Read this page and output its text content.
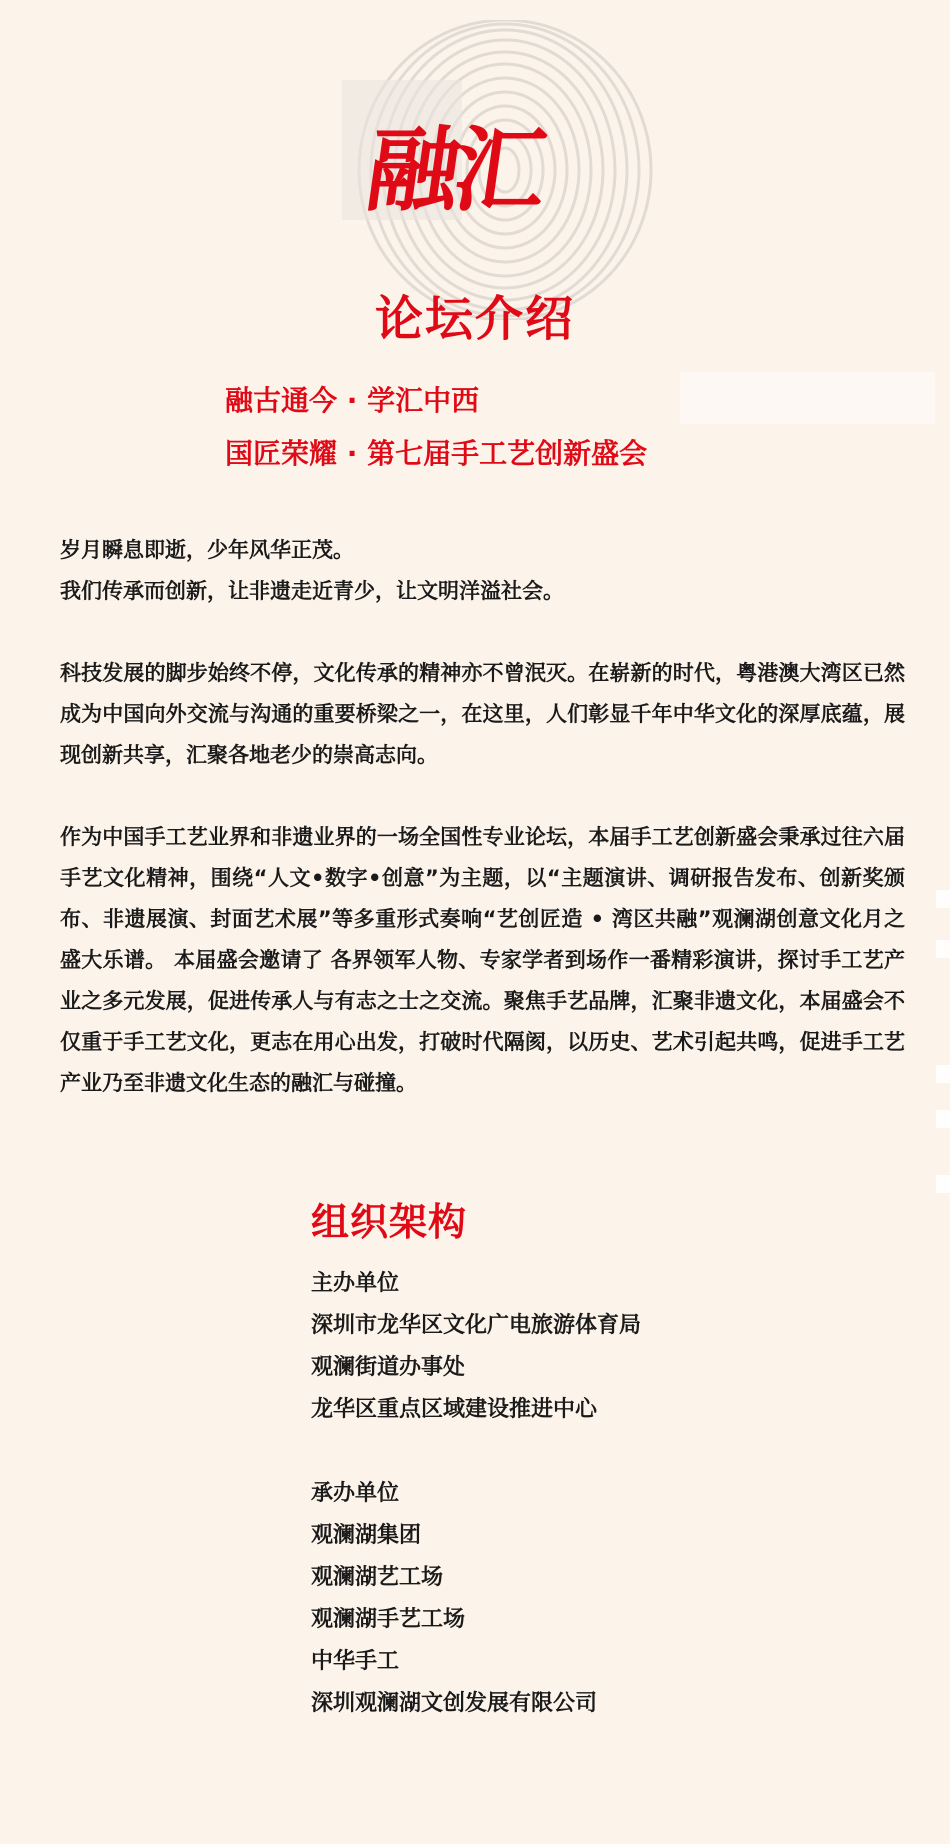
融汇
论坛介绍
融古通今 · 学汇中西
国匠荣耀 · 第七届手工艺创新盛会

岁月瞬息即逝，少年风华正茂。

我们传承而创新，让非遗走近青少，让文明洋溢社会。

科技发展的脚步始终不停，文化传承的精神亦不曾泯灭。在崭新的时代，粤港澳大湾区已然成为中国向外交流与沟通的重要桥梁之一，在这里，人们彰显千年中华文化的深厚底蕴，展现创新共享，汇聚各地老少的崇高志向。

作为中国手工艺业界和非遗业界的一场全国性专业论坛，本届手工艺创新盛会秉承过往六届手艺文化精神，围绕“人文•数字•创意”为主题，以“主题演讲、调研报告发布、创新奖颁布、非遗展演、封面艺术展”等多重形式奏响“艺创匠造 • 湾区共融”观澜湖创意文化月之盛大乐谱。 本届盛会邀请了 各界领军人物、专家学者到场作一番精彩演讲，探讨手工艺产业之多元发展，促进传承人与有志之士之交流。聚焦手艺品牌，汇聚非遗文化，本届盛会不仅重于手工艺文化，更志在用心出发，打破时代隔阂，以历史、艺术引起共鸣，促进手工艺产业乃至非遗文化生态的融汇与碰撞。

组织架构
主办单位
深圳市龙华区文化广电旅游体育局
观澜街道办事处
龙华区重点区域建设推进中心
承办单位
观澜湖集团
观澜湖艺工场
观澜湖手艺工场
中华手工
深圳观澜湖文创发展有限公司
